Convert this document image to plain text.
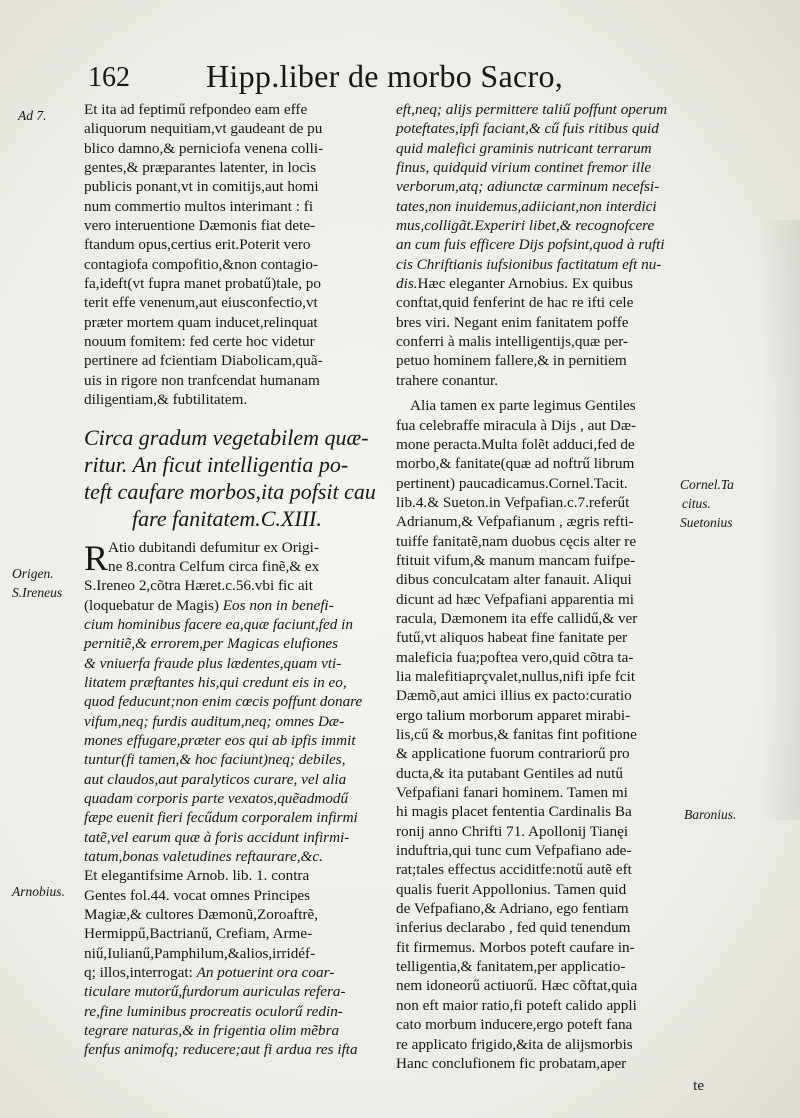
162 Hipp.liber de morbo Sacro,
Ad 7.
Origen.
S.Ireneus
Arnobius.
Cornel.Ta
citus.
Suetonius
Baronius.
Et ita ad feptimű refpondeo eam effe
aliquorum nequitiam,vt gaudeant de pu
blico damno,& perniciofa venena colli-
gentes,& præparantes latenter, in locis
publicis ponant,vt in comitijs,aut homi
num commertio multos interimant : fi
vero interuentione Dæmonis fiat dete-
ftandum opus,certius erit.Poterit vero
contagiofa compofitio,&non contagio-
fa,ideft(vt fupra manet probatű)tale, po
terit effe venenum,aut eiusconfectio,vt
præter mortem quam inducet,relinquat
nouum fomitem: fed certe hoc videtur
pertinere ad fcientiam Diabolicam,quã-
uis in rigore non tranfcendat humanam
diligentiam,& fubtilitatem.
Circa gradum vegetabilem quæ-
ritur. An ficut intelligentia po-
teft caufare morbos,ita pofsit cau
fare fanitatem.C.XIII.
R Atio dubitandi defumitur ex Origi-
ne 8.contra Celfum circa finẽ,& ex
S.Ireneo 2,cõtra Hæret.c.56.vbi fic ait
(loquebatur de Magis) Eos non in benefi-
cium hominibus facere ea,quæ faciunt,fed in
pernitiẽ,& errorem,per Magicas elufiones
& vniuerfa fraude plus lædentes,quam vti-
litatem præftantes his,qui credunt eis in eo,
quod feducunt;non enim cœcis poffunt donare
vifum,neq; furdis auditum,neq; omnes Dæ-
mones effugare,præter eos qui ab ipfis immit
tuntur(fi tamen,& hoc faciunt)neq; debiles,
aut claudos,aut paralyticos curare, vel alia
quadam corporis parte vexatos,quẽadmodű
fæpe euenit fieri fecűdum corporalem infirmi
tatẽ,vel earum quæ à foris accidunt infirmi-
tatum,bonas valetudines reftaurare,&c.
Et elegantifsime Arnob. lib. 1. contra
Gentes fol.44. vocat omnes Principes
Magiæ,& cultores Dæmonũ,Zoroaftrẽ,
Hermippű,Bactrianű, Crefiam, Arme-
niű,Iulianű,Pamphilum,&alios,irridéf-
q; illos,interrogat: An potuerint ora coar-
ticulare mutorű,furdorum auriculas refera-
re,fine luminibus procreatis oculorű redin-
tegrare naturas,& in frigentia olim mẽbra
fenfus animofq; reducere;aut fi ardua res ifta
eft,neq; alijs permittere taliű poffunt operum
poteftates,ipfi faciant,& cű fuis ritibus quid
quid malefici graminis nutricant terrarum
finus, quidquid virium continet fremor ille
verborum,atq; adiunctæ carminum necefsi-
tates,non inuidemus,adiiciant,non interdici
mus,colligãt.Experiri libet,& recognofcere
an cum fuis efficere Dijs pofsint,quod à rufti
cis Chriftianis iufsionibus factitatum eft nu-
dis.Hæc eleganter Arnobius. Ex quibus
conftat,quid fenferint de hac re ifti cele
bres viri. Negant enim fanitatem poffe
conferri à malis intelligentijs,quæ per-
petuo hominem fallere,& in pernitiem
trahere conantur.
Alia tamen ex parte legimus Gentiles
fua celebraffe miracula à Dijs , aut Dæ-
mone peracta.Multa folẽt adduci,fed de
morbo,& fanitate(quæ ad noftrű librum
pertinent) paucadicamus.Cornel.Tacit.
lib.4.& Sueton.in Vefpafian.c.7.referűt
Adrianum,& Vefpafianum , ægris refti-
tuiffe fanitatẽ,nam duobus cęcis alter re
ftituit vifum,& manum mancam fuifpe-
dibus conculcatam alter fanauit. Aliqui
dicunt ad hæc Vefpafiani apparentia mi
racula, Dæmonem ita effe callidű,& ver
futű,vt aliquos habeat fine fanitate per
maleficia fua;poftea vero,quid cõtra ta-
lia malefitiaprçvalet,nullus,nifi ipfe fcit
Dæmõ,aut amici illius ex pacto:curatio
ergo talium morborum apparet mirabi-
lis,cű & morbus,& fanitas fint pofitione
& applicatione fuorum contrariorű pro
ducta,& ita putabant Gentiles ad nutű
Vefpafiani fanari hominem. Tamen mi
hi magis placet fententia Cardinalis Ba
ronij anno Chrifti 71. Apollonij Tianęi
induftria,qui tunc cum Vefpafiano ade-
rat;tales effectus acciditfe:notű autẽ eft
qualis fuerit Appollonius. Tamen quid
de Vefpafiano,& Adriano, ego fentiam
inferius declarabo , fed quid tenendum
fit firmemus. Morbos poteft caufare in-
telligentia,& fanitatem,per applicatio-
nem idoneorű actiuorű. Hæc cõftat,quia
non eft maior ratio,fi poteft calido appli
cato morbum inducere,ergo poteft fana
re applicato frigido,&ita de alijsmorbis
Hanc conclufionem fic probatam,aper
te
